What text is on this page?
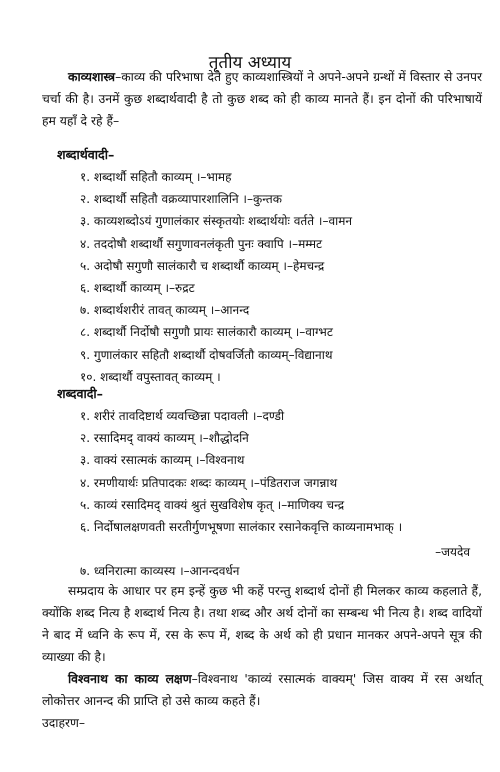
तृतीय अध्याय
काव्यशास्त्र–काव्य की परिभाषा देते हुए काव्यशास्त्रियों ने अपने-अपने ग्रन्थों में विस्तार से उनपर चर्चा की है। उनमें कुछ शब्दार्थवादी है तो कुछ शब्द को ही काव्य मानते हैं। इन दोनों की परिभाषायें हम यहाँ दे रहे हैं–
शब्दार्थवादी–
१. शब्दार्थौ सहितौ काव्यम् ।–भामह
२. शब्दार्थौ सहितौ वक्रव्यापारशालिनि ।–कुन्तक
३. काव्यशब्दोऽयं गुणालंकार संस्कृतयोः शब्दार्थयोः वर्तते ।–वामन
४. तददोषौ शब्दार्थौ सगुणावनलंकृती पुनः क्वापि ।–मम्मट
५. अदोषौ सगुणौ सालंकारौ च शब्दार्थौ काव्यम् ।–हेमचन्द्र
६. शब्दार्थौ काव्यम् ।–रुद्रट
७. शब्दार्थशरीरं तावत् काव्यम् ।–आनन्द
८. शब्दार्थौ निर्दोषौ सगुणौ प्रायः सालंकारौ काव्यम् ।–वाग्भट
९. गुणालंकार सहितौ शब्दार्थौ दोषवर्जितौ काव्यम्–विद्यानाथ
१०. शब्दार्थौ वपुस्तावत् काव्यम् ।
शब्दवादी–
१. शरीरं तावदिष्टार्थ व्यवच्छिन्ना पदावली ।–दण्डी
२. रसादिमद् वाक्यं काव्यम् ।–शौद्धोदनि
३. वाक्यं रसात्मकं काव्यम् ।–विश्वनाथ
४. रमणीयार्थः प्रतिपादकः शब्दः काव्यम् ।–पंडितराज जगन्नाथ
५. काव्यं रसादिमद् वाक्यं श्रुतं सुखविशेष कृत् ।–माणिक्य चन्द्र
६. निर्दोषालक्षणवती सरतीर्गुणभूषणा सालंकार रसानेकवृत्ति काव्यनामभाक् ।
–जयदेव
७. ध्वनिरात्मा काव्यस्य ।–आनन्दवर्धन
सम्प्रदाय के आधार पर हम इन्हें कुछ भी कहें परन्तु शब्दार्थ दोनों ही मिलकर काव्य कहलाते हैं, क्योंकि शब्द नित्य है शब्दार्थ नित्य है। तथा शब्द और अर्थ दोनों का सम्बन्ध भी नित्य है। शब्द वादियों ने बाद में ध्वनि के रूप में, रस के रूप में, शब्द के अर्थ को ही प्रधान मानकर अपने-अपने सूत्र की व्याख्या की है।
विश्वनाथ का काव्य लक्षण–विश्वनाथ 'काव्यं रसात्मकं वाक्यम्' जिस वाक्य में रस अर्थात् लोकोत्तर आनन्द की प्राप्ति हो उसे काव्य कहते हैं।
उदाहरण–
